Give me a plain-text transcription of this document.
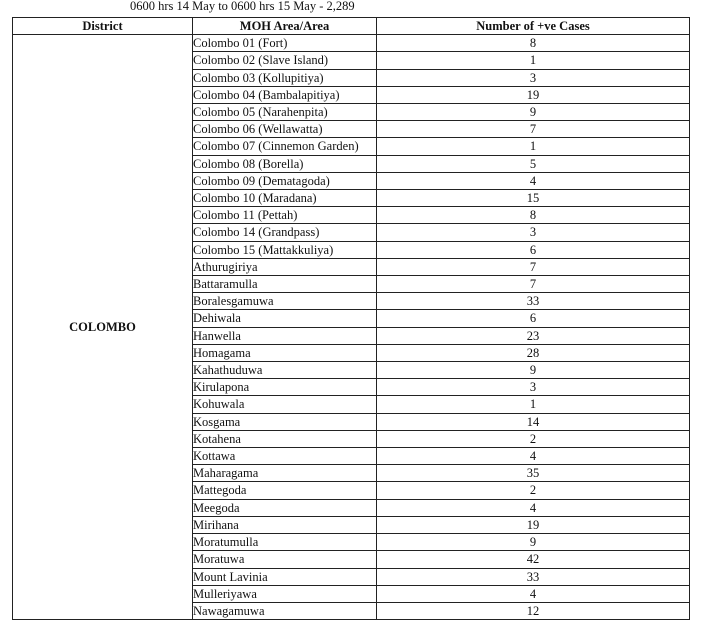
0600 hrs 14 May to 0600 hrs 15 May - 2,289
District	MOH Area/Area	Number of +ve Cases
COLOMBO	Colombo 01 (Fort)	8
	Colombo 02 (Slave Island)	1
	Colombo 03 (Kollupitiya)	3
	Colombo 04 (Bambalapitiya)	19
	Colombo 05 (Narahenpita)	9
	Colombo 06 (Wellawatta)	7
	Colombo 07 (Cinnemon Garden)	1
	Colombo 08 (Borella)	5
	Colombo 09 (Dematagoda)	4
	Colombo 10 (Maradana)	15
	Colombo 11 (Pettah)	8
	Colombo 14 (Grandpass)	3
	Colombo 15 (Mattakkuliya)	6
	Athurugiriya	7
	Battaramulla	7
	Boralesgamuwa	33
	Dehiwala	6
	Hanwella	23
	Homagama	28
	Kahathuduwa	9
	Kirulapona	3
	Kohuwala	1
	Kosgama	14
	Kotahena	2
	Kottawa	4
	Maharagama	35
	Mattegoda	2
	Meegoda	4
	Mirihana	19
	Moratumulla	9
	Moratuwa	42
	Mount Lavinia	33
	Mulleriyawa	4
	Nawagamuwa	12
